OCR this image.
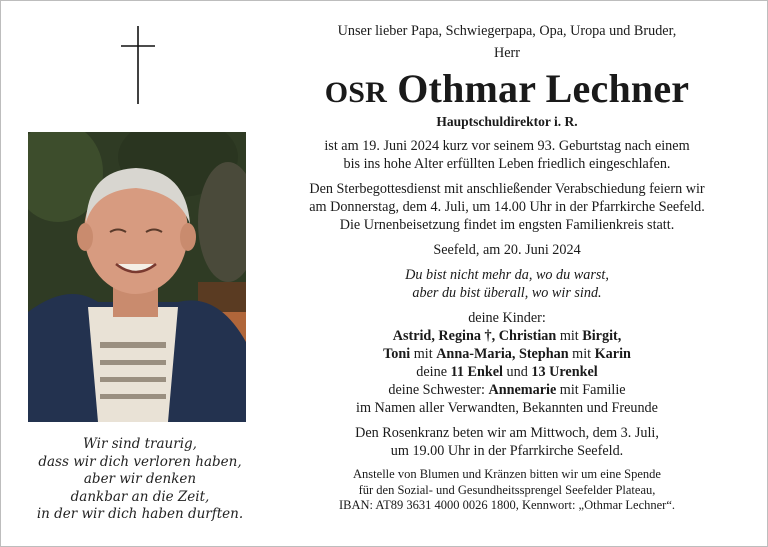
Wir sind traurig,
dass wir dich verloren haben,
aber wir denken
dankbar an die Zeit,
in der wir dich haben durften.
Unser lieber Papa, Schwiegerpapa, Opa, Uropa und Bruder,
Herr
OSR Othmar Lechner
Hauptschuldirektor i. R.
ist am 19. Juni 2024 kurz vor seinem 93. Geburtstag nach einem
bis ins hohe Alter erfüllten Leben friedlich eingeschlafen.
Den Sterbegottesdienst mit anschließender Verabschiedung feiern wir
am Donnerstag, dem 4. Juli, um 14.00 Uhr in der Pfarrkirche Seefeld.
Die Urnenbeisetzung findet im engsten Familienkreis statt.
Seefeld, am 20. Juni 2024
Du bist nicht mehr da, wo du warst,
aber du bist überall, wo wir sind.
deine Kinder:
Astrid, Regina †, Christian mit Birgit,
Toni mit Anna-Maria, Stephan mit Karin
deine 11 Enkel und 13 Urenkel
deine Schwester: Annemarie mit Familie
im Namen aller Verwandten, Bekannten und Freunde
Den Rosenkranz beten wir am Mittwoch, dem 3. Juli,
um 19.00 Uhr in der Pfarrkirche Seefeld.
Anstelle von Blumen und Kränzen bitten wir um eine Spende
für den Sozial- und Gesundheitssprengel Seefelder Plateau,
IBAN: AT89 3631 4000 0026 1800, Kennwort: „Othmar Lechner“.
